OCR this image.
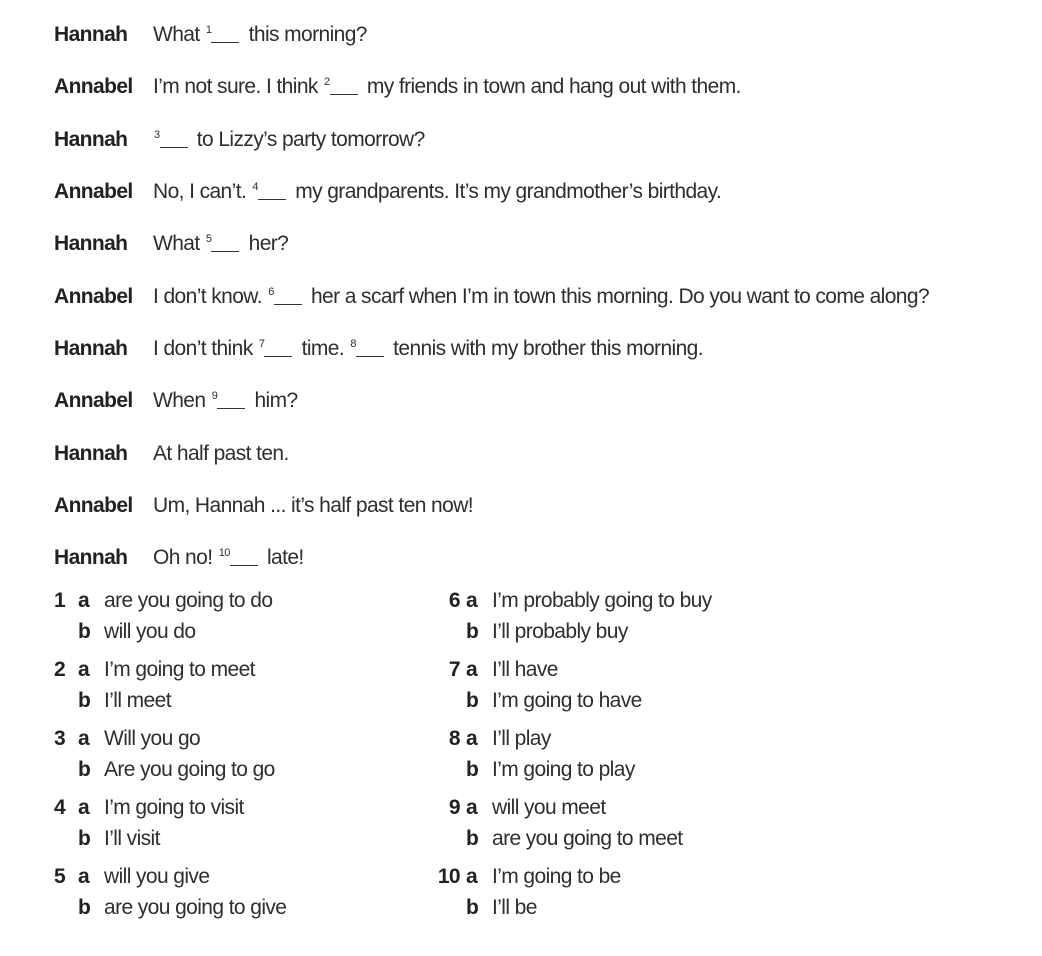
Hannah	What 1 this morning?
Annabel I’m not sure. I think 2 my friends in town and hang out with them.
Hannah	3 to Lizzy’s party tomorrow?
Annabel No, I can’t. 4 my grandparents. It’s my grandmother’s birthday.
Hannah	What 5 her?
Annabel I don’t know. 6 her a scarf when I’m in town this morning. Do you want to come along?
Hannah	I don’t think 7 time. 8 tennis with my brother this morning.
Annabel When 9 him?
Hannah	At half past ten.
Annabel Um, Hannah ... it’s half past ten now!
Hannah	Oh no! 10 late!
1 a are you going to do
b will you do
2 a I’m going to meet
b I’ll meet
3 a Will you go
b Are you going to go
4 a I’m going to visit
b I’ll visit
5 a will you give
b are you going to give
6 a I’m probably going to buy
b I’ll probably buy
7 a I’ll have
b I’m going to have
8 a I’ll play
b I’m going to play
9 a will you meet
b are you going to meet
10 a I’m going to be
b I’ll be
